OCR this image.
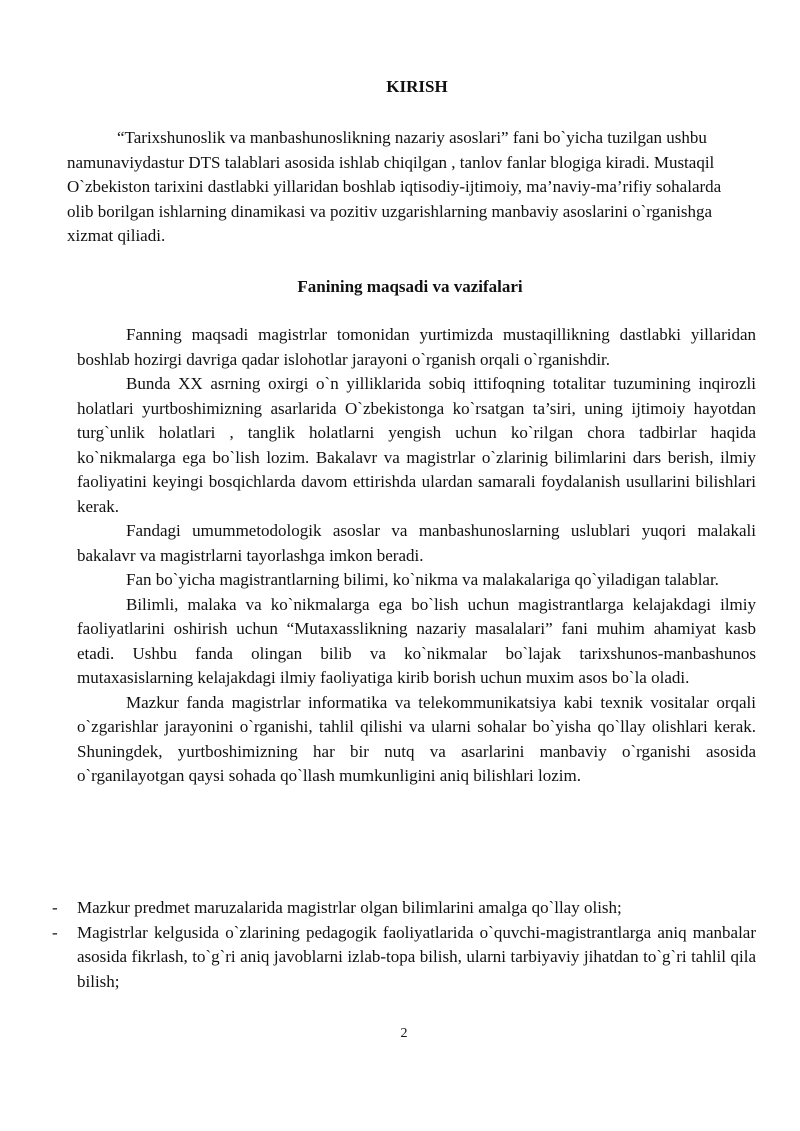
KIRISH

“Tarixshunoslik va manbashunoslikning nazariy asoslari” fani bo`yicha tuzilgan ushbu namunaviydastur DTS talablari asosida ishlab chiqilgan , tanlov fanlar blogiga kiradi. Mustaqil O`zbekiston tarixini dastlabki yillaridan boshlab iqtisodiy-ijtimoiy, ma’naviy-ma’rifiy sohalarda olib borilgan ishlarning dinamikasi va pozitiv uzgarishlarning manbaviy asoslarini o`rganishga xizmat qiliadi.

Fanining maqsadi va vazifalari

Fanning maqsadi magistrlar tomonidan yurtimizda mustaqillikning dastlabki yillaridan boshlab hozirgi davriga qadar islohotlar jarayoni o`rganish orqali o`rganishdir.

Bunda XX asrning oxirgi o`n yilliklarida sobiq ittifoqning totalitar tuzumining inqirozli holatlari yurtboshimizning asarlarida O`zbekistonga ko`rsatgan ta’siri, uning ijtimoiy hayotdan turg`unlik holatlari , tanglik holatlarni yengish uchun ko`rilgan chora tadbirlar haqida ko`nikmalarga ega bo`lish lozim. Bakalavr va magistrlar o`zlarinig bilimlarini dars berish, ilmiy faoliyatini keyingi bosqichlarda davom ettirishda ulardan samarali foydalanish usullarini bilishlari kerak.

Fandagi umummetodologik asoslar va manbashunoslarning uslublari yuqori malakali bakalavr va magistrlarni tayorlashga imkon beradi.

Fan bo`yicha magistrantlarning bilimi, ko`nikma va malakalariga qo`yiladigan talablar.

Bilimli, malaka va ko`nikmalarga ega bo`lish uchun magistrantlarga kelajakdagi ilmiy faoliyatlarini oshirish uchun “Mutaxasslikning nazariy masalalari” fani muhim ahamiyat kasb etadi. Ushbu fanda olingan bilib va ko`nikmalar bo`lajak tarixshunos-manbashunos mutaxasislarning kelajakdagi ilmiy faoliyatiga kirib borish uchun muxim asos bo`la oladi.

Mazkur fanda magistrlar informatika va telekommunikatsiya kabi texnik vositalar orqali o`zgarishlar jarayonini o`rganishi, tahlil qilishi va ularni sohalar bo`yisha qo`llay olishlari kerak. Shuningdek, yurtboshimizning har bir nutq va asarlarini manbaviy o`rganishi asosida o`rganilayotgan qaysi sohada qo`llash mumkunligini aniq bilishlari lozim.

- Mazkur predmet maruzalarida magistrlar olgan bilimlarini amalga qo`llay olish;
- Magistrlar kelgusida o`zlarining pedagogik faoliyatlarida o`quvchi-magistrantlarga aniq manbalar asosida fikrlash, to`g`ri aniq javoblarni izlab-topa bilish, ularni tarbiyaviy jihatdan to`g`ri tahlil qila bilish;
2
